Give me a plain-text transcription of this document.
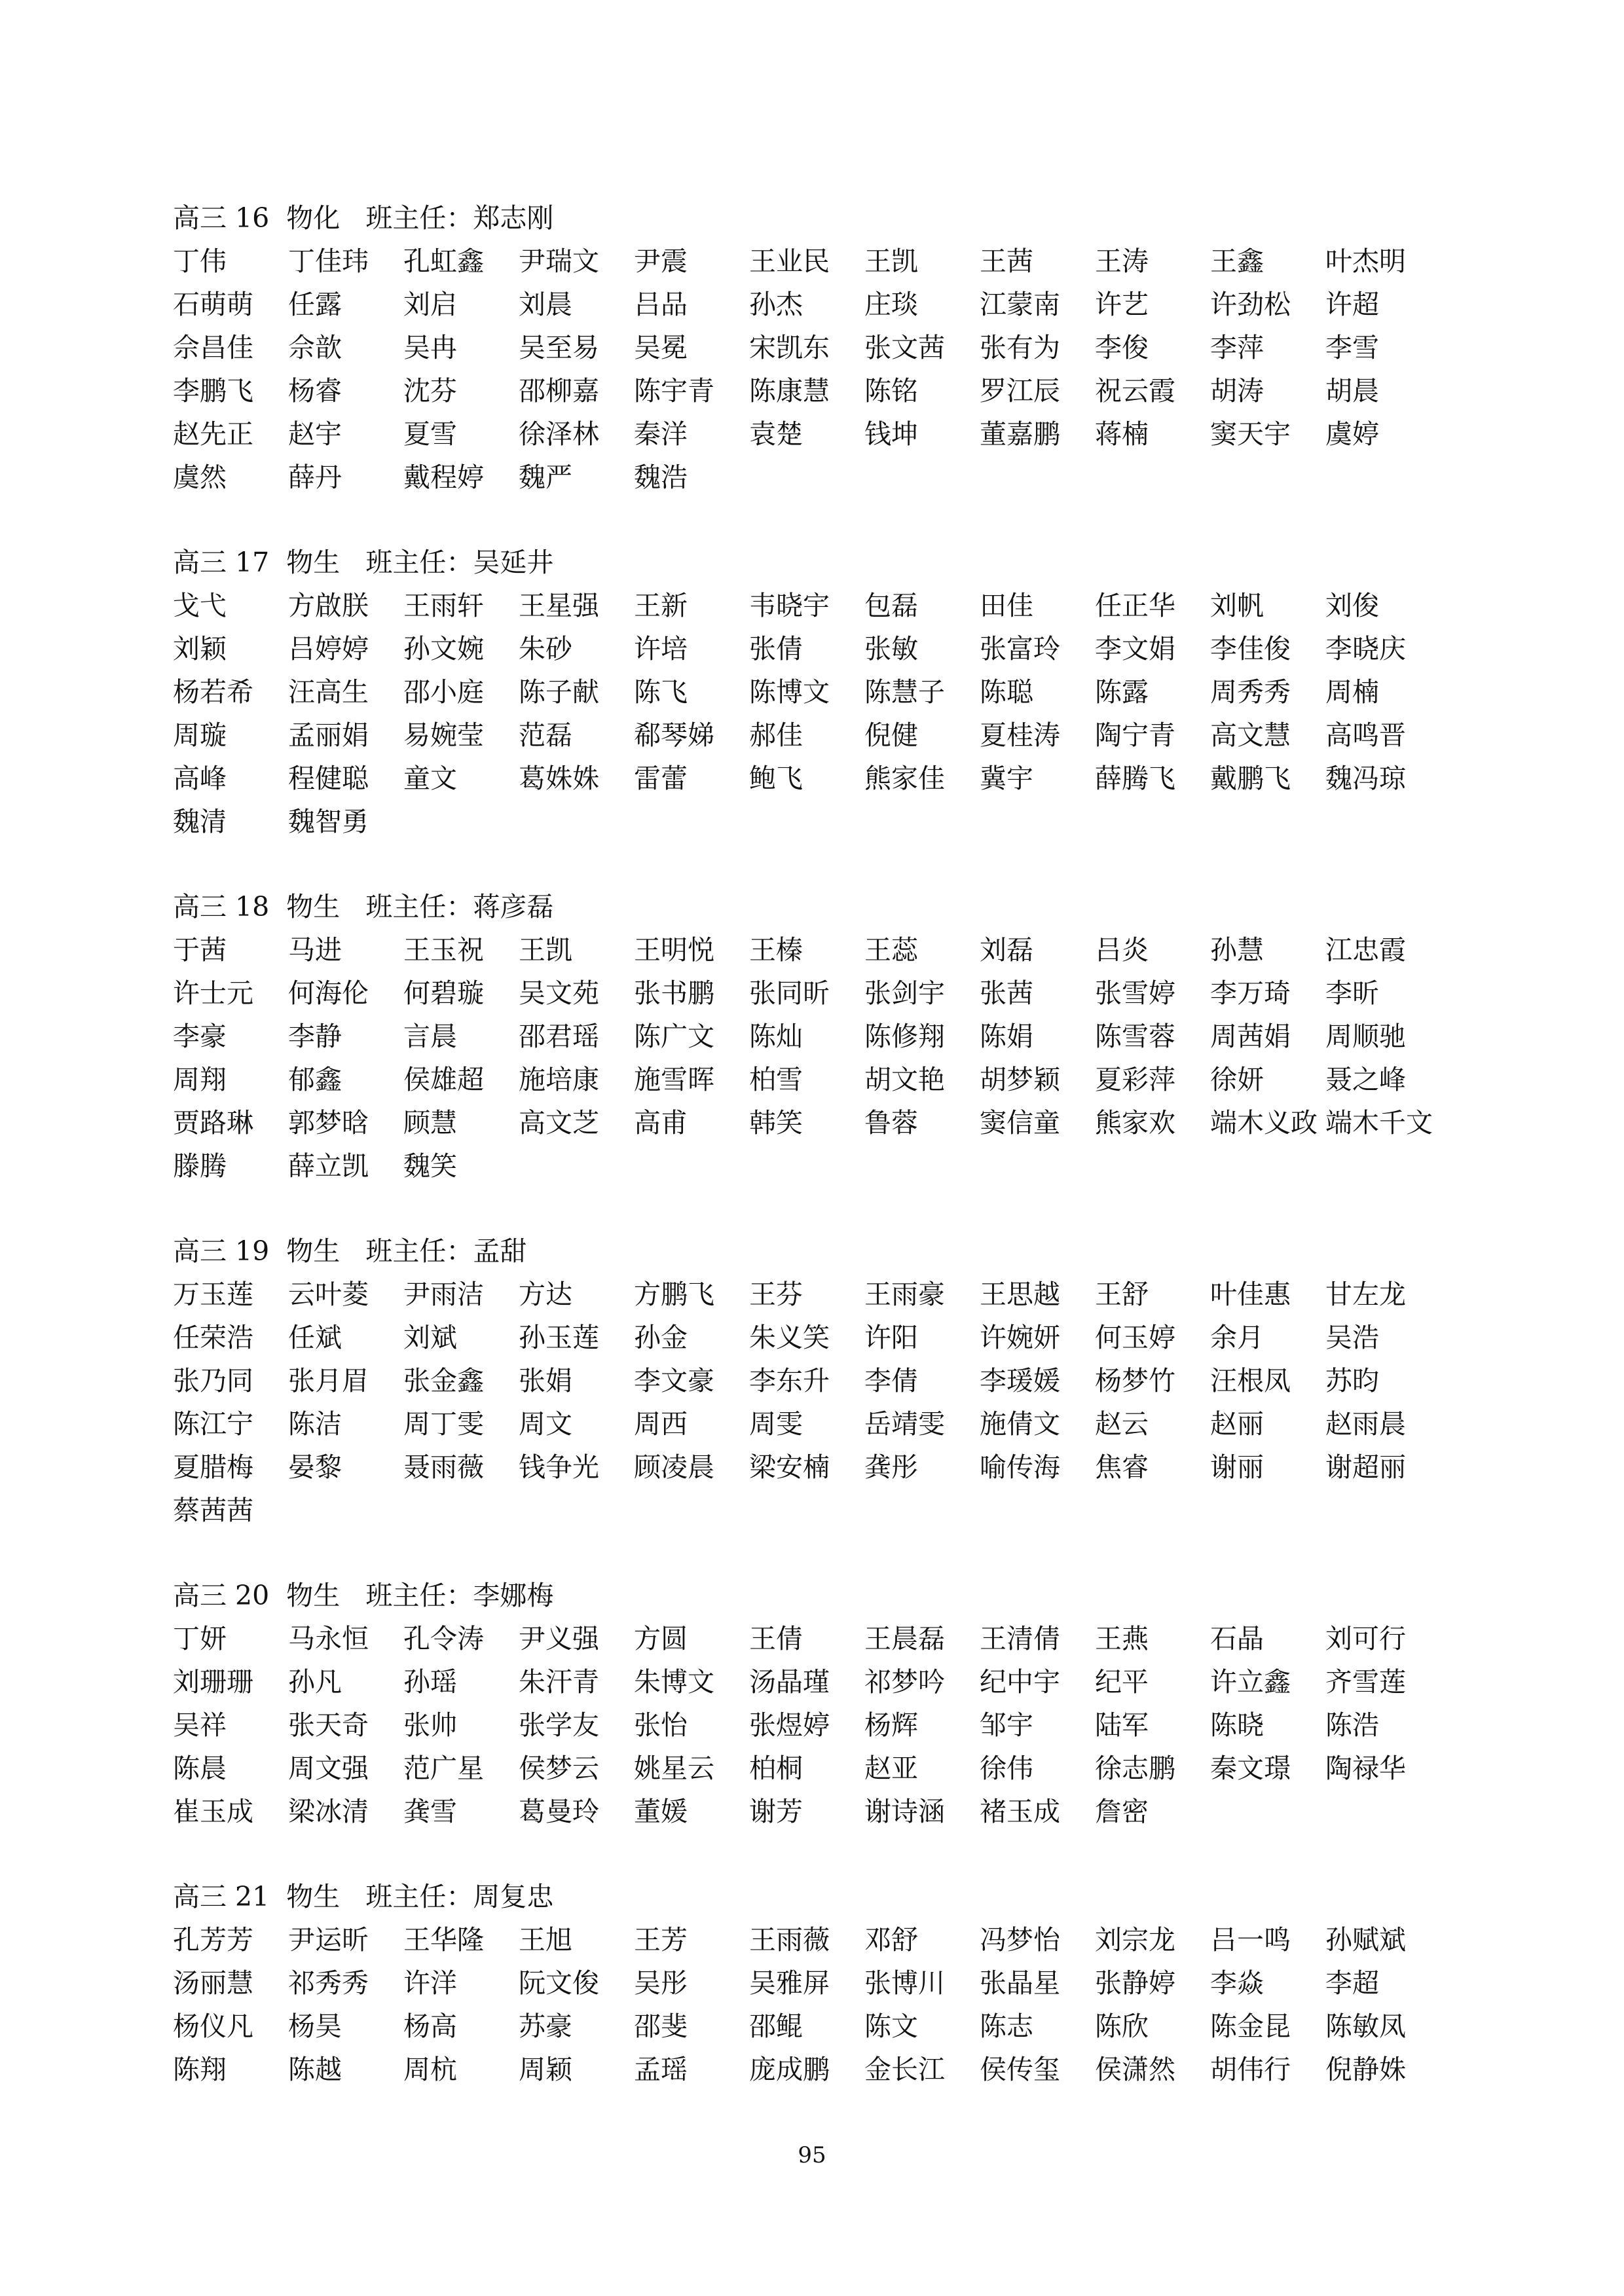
高三 16 物化 班主任：郑志刚
丁伟	丁佳玮	孔虹鑫	尹瑞文	尹震	王业民	王凯	王茜	王涛	王鑫	叶杰明
石萌萌	任露	刘启	刘晨	吕品	孙杰	庄琰	江蒙南	许艺	许劲松	许超
佘昌佳	佘歆	吴冉	吴至易	吴冕	宋凯东	张文茜	张有为	李俊	李萍	李雪
李鹏飞	杨睿	沈芬	邵柳嘉	陈宇青	陈康慧	陈铭	罗江辰	祝云霞	胡涛	胡晨
赵先正	赵宇	夏雪	徐泽林	秦洋	袁楚	钱坤	董嘉鹏	蒋楠	窦天宇	虞婷
虞然	薛丹	戴程婷	魏严	魏浩
高三 17 物生 班主任：吴延井
戈弋	方啟朕	王雨轩	王星强	王新	韦晓宇	包磊	田佳	任正华	刘帆	刘俊
刘颖	吕婷婷	孙文婉	朱砂	许培	张倩	张敏	张富玲	李文娟	李佳俊	李晓庆
杨若希	汪高生	邵小庭	陈子献	陈飞	陈博文	陈慧子	陈聪	陈露	周秀秀	周楠
周璇	孟丽娟	易婉莹	范磊	郗琴娣	郝佳	倪健	夏桂涛	陶宁青	高文慧	高鸣晋
高峰	程健聪	童文	葛姝姝	雷蕾	鲍飞	熊家佳	冀宇	薛腾飞	戴鹏飞	魏冯琼
魏清	魏智勇
高三 18 物生 班主任：蒋彦磊
于茜	马进	王玉祝	王凯	王明悦	王榛	王蕊	刘磊	吕炎	孙慧	江忠霞
许士元	何海伦	何碧璇	吴文苑	张书鹏	张同昕	张剑宇	张茜	张雪婷	李万琦	李昕
李豪	李静	言晨	邵君瑶	陈广文	陈灿	陈修翔	陈娟	陈雪蓉	周茜娟	周顺驰
周翔	郁鑫	侯雄超	施培康	施雪晖	柏雪	胡文艳	胡梦颖	夏彩萍	徐妍	聂之峰
贾路琳	郭梦晗	顾慧	高文芝	高甫	韩笑	鲁蓉	窦信童	熊家欢	端木义政 端木千文
滕腾	薛立凯	魏笑
高三 19 物生 班主任：孟甜
万玉莲	云叶菱	尹雨洁	方达	方鹏飞	王芬	王雨豪	王思越	王舒	叶佳惠	甘左龙
任荣浩	任斌	刘斌	孙玉莲	孙金	朱义笑	许阳	许婉妍	何玉婷	余月	吴浩
张乃同	张月眉	张金鑫	张娟	李文豪	李东升	李倩	李瑗媛	杨梦竹	汪根凤	苏昀
陈江宁	陈洁	周丁雯	周文	周西	周雯	岳靖雯	施倩文	赵云	赵丽	赵雨晨
夏腊梅	晏黎	聂雨薇	钱争光	顾凌晨	梁安楠	龚彤	喻传海	焦睿	谢丽	谢超丽
蔡茜茜
高三 20 物生 班主任：李娜梅
丁妍	马永恒	孔令涛	尹义强	方圆	王倩	王晨磊	王清倩	王燕	石晶	刘可行
刘珊珊	孙凡	孙瑶	朱汗青	朱博文	汤晶瑾	祁梦吟	纪中宇	纪平	许立鑫	齐雪莲
吴祥	张天奇	张帅	张学友	张怡	张煜婷	杨辉	邹宇	陆军	陈晓	陈浩
陈晨	周文强	范广星	侯梦云	姚星云	柏桐	赵亚	徐伟	徐志鹏	秦文璟	陶禄华
崔玉成	梁冰清	龚雪	葛曼玲	董媛	谢芳	谢诗涵	褚玉成	詹密
高三 21 物生 班主任：周复忠
孔芳芳	尹运昕	王华隆	王旭	王芳	王雨薇	邓舒	冯梦怡	刘宗龙	吕一鸣	孙赋斌
汤丽慧	祁秀秀	许洋	阮文俊	吴彤	吴雅屏	张博川	张晶星	张静婷	李焱	李超
杨仪凡	杨昊	杨高	苏豪	邵斐	邵鲲	陈文	陈志	陈欣	陈金昆	陈敏凤
陈翔	陈越	周杭	周颖	孟瑶	庞成鹏	金长江	侯传玺	侯潇然	胡伟行	倪静姝
95
